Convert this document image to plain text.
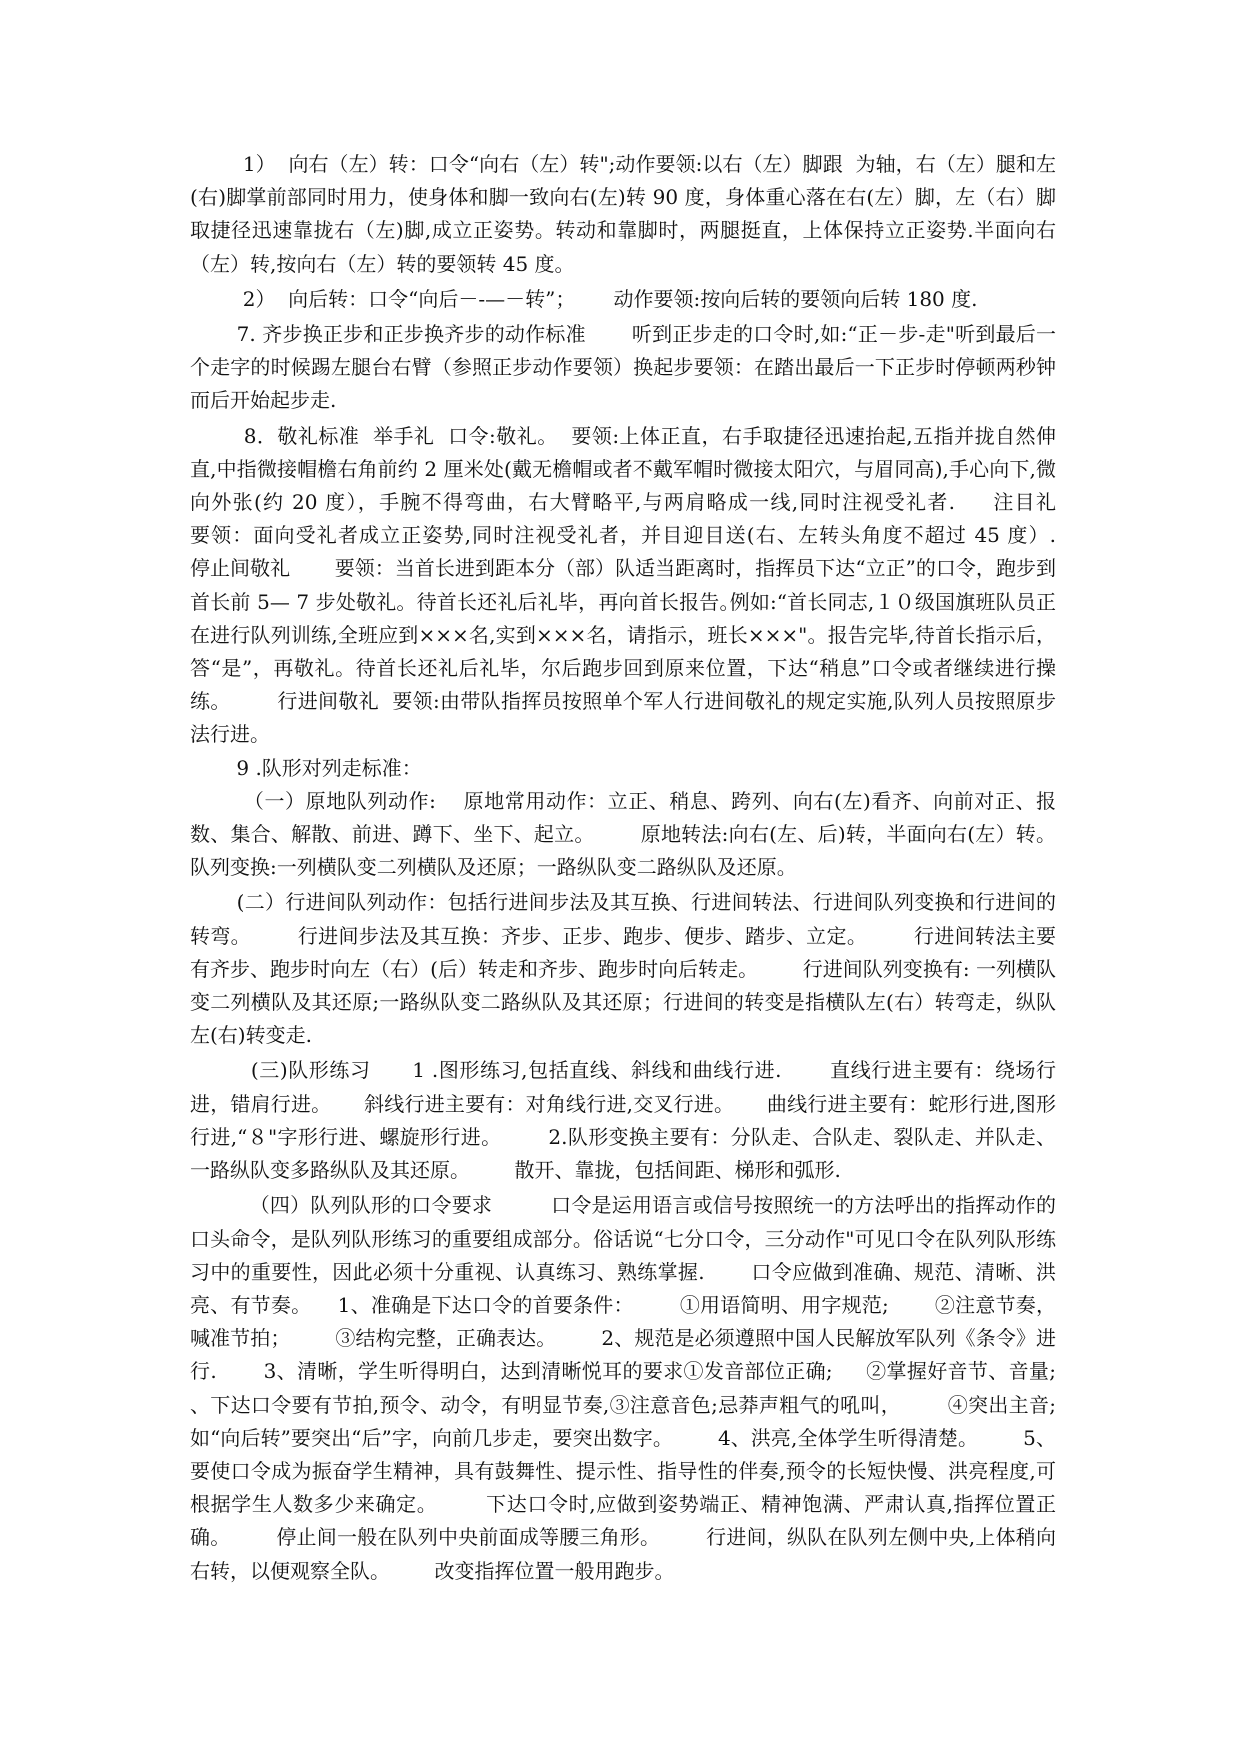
1）  向右（左）转：口令“向右（左）转";动作要领:以右（左）脚跟  为轴，右（左）腿和左(右)脚掌前部同时用力，使身体和脚一致向右(左)转 90 度，身体重心落在右(左）脚，左（右）脚取捷径迅速靠拢右（左)脚,成立正姿势。转动和靠脚时，两腿挺直，上体保持立正姿势.半面向右（左）转,按向右（左）转的要领转 45 度。

2）  向后转：口令“向后－-—－转”；      动作要领:按向后转的要领向后转 180 度.

7. 齐步换正步和正步换齐步的动作标准       听到正步走的口令时,如:“正－步-走"听到最后一个走字的时候踢左腿台右臂（参照正步动作要领）换起步要领：在踏出最后一下正步时停顿两秒钟而后开始起步走.

8．敬礼标准  举手礼  口令:敬礼。  要领:上体正直，右手取捷径迅速抬起,五指并拢自然伸直,中指微接帽檐右角前约 2 厘米处(戴无檐帽或者不戴军帽时微接太阳穴，与眉同高),手心向下,微向外张(约 20 度），手腕不得弯曲，右大臂略平,与两肩略成一线,同时注视受礼者.     注目礼         要领：面向受礼者成立正姿势,同时注视受礼者，并目迎目送(右、左转头角度不超过 45 度）.       停止间敬礼       要领：当首长进到距本分（部）队适当距离时，指挥员下达“立正”的口令，跑步到首长前 5— 7 步处敬礼。待首长还礼后礼毕，再向首长报告｡例如:“首长同志,１０级国旗班队员正在进行队列训练,全班应到×××名,实到×××名，请指示，班长×××"。报告完毕,待首长指示后，答“是”，再敬礼。待首长还礼后礼毕，尔后跑步回到原来位置，下达“稍息”口令或者继续进行操练。       行进间敬礼  要领:由带队指挥员按照单个军人行进间敬礼的规定实施,队列人员按照原步法行进。

9 .队形对列走标准：

（一）原地队列动作:    原地常用动作：立正、稍息、跨列、向右(左)看齐、向前对正、报数、集合、解散、前进、蹲下、坐下、起立。       原地转法:向右(左、后)转，半面向右(左）转。     队列变换:一列横队变二列横队及还原；一路纵队变二路纵队及还原。

(二）行进间队列动作：包括行进间步法及其互换、行进间转法、行进间队列变换和行进间的转弯。       行进间步法及其互换：齐步、正步、跑步、便步、踏步、立定。       行进间转法主要有齐步、跑步时向左（右）(后）转走和齐步、跑步时向后转走。       行进间队列变换有: 一列横队变二列横队及其还原;一路纵队变二路纵队及其还原；行进间的转变是指横队左(右）转弯走，纵队左(右)转变走.

(三)队形练习      1 .图形练习,包括直线、斜线和曲线行进.       直线行进主要有：绕场行进，错肩行进。     斜线行进主要有：对角线行进,交叉行进。     曲线行进主要有：蛇形行进,图形行进,“８"字形行进、螺旋形行进。       2.队形变换主要有：分队走、合队走、裂队走、并队走、一路纵队变多路纵队及其还原。       散开、靠拢，包括间距、梯形和弧形.

（四）队列队形的口令要求         口令是运用语言或信号按照统一的方法呼出的指挥动作的口头命令，是队列队形练习的重要组成部分。俗话说“七分口令，三分动作"可见口令在队列队形练习中的重要性，因此必须十分重视、认真练习、熟练掌握.       口令应做到准确、规范、清晰、洪亮、有节奏。    1、准确是下达口令的首要条件：       ①用语简明、用字规范;       ②注意节奏，喊准节拍；       ③结构完整，正确表达。       2、规范是必须遵照中国人民解放军队列《条令》进行.       3、清晰，学生听得明白，达到清晰悦耳的要求①发音部位正确;     ②掌握好音节、音量; 、下达口令要有节拍,预令、动令，有明显节奏,③注意音色;忌莽声粗气的吼叫，       ④突出主音;如“向后转”要突出“后”字，向前几步走，要突出数字。       4、洪亮,全体学生听得清楚。       5、要使口令成为振奋学生精神，具有鼓舞性、提示性、指导性的伴奏,预令的长短快慢、洪亮程度,可根据学生人数多少来确定。       下达口令时,应做到姿势端正、精神饱满、严肃认真,指挥位置正确。       停止间一般在队列中央前面成等腰三角形。       行进间，纵队在队列左侧中央,上体稍向右转，以便观察全队。       改变指挥位置一般用跑步。
